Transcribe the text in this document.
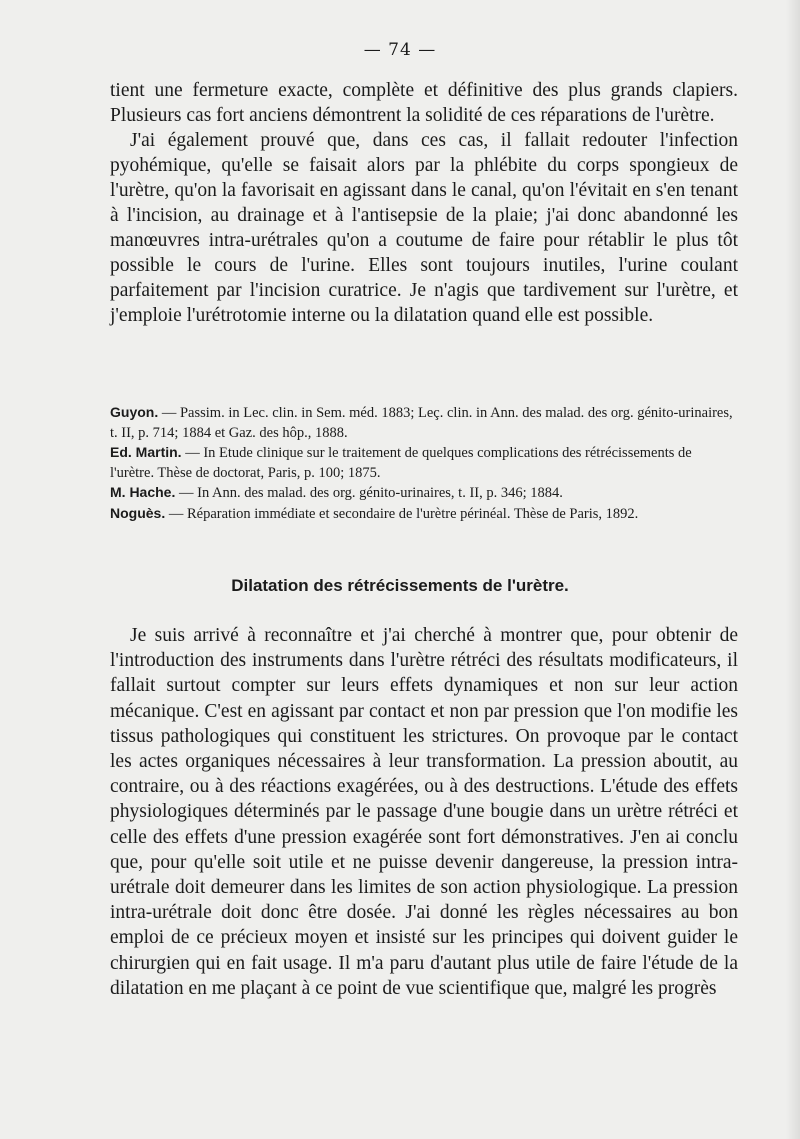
— 74 —

tient une fermeture exacte, complète et définitive des plus grands clapiers. Plusieurs cas fort anciens démontrent la solidité de ces réparations de l'urètre.

J'ai également prouvé que, dans ces cas, il fallait redouter l'infection pyohémique, qu'elle se faisait alors par la phlébite du corps spongieux de l'urètre, qu'on la favorisait en agissant dans le canal, qu'on l'évitait en s'en tenant à l'incision, au drainage et à l'antisepsie de la plaie; j'ai donc abandonné les manœuvres intra-urétrales qu'on a coutume de faire pour rétablir le plus tôt possible le cours de l'urine. Elles sont toujours inutiles, l'urine coulant parfaitement par l'incision curatrice. Je n'agis que tardivement sur l'urètre, et j'emploie l'urétrotomie interne ou la dilatation quand elle est possible.

Guyon. — Passim. in Lec. clin. in Sem. méd. 1883; Leç. clin. in Ann. des malad. des org. génito-urinaires, t. II, p. 714; 1884 et Gaz. des hôp., 1888.

Ed. Martin. — In Etude clinique sur le traitement de quelques complications des rétrécissements de l'urètre. Thèse de doctorat, Paris, p. 100; 1875.

M. Hache. — In Ann. des malad. des org. génito-urinaires, t. II, p. 346; 1884.

Noguès. — Réparation immédiate et secondaire de l'urètre périnéal. Thèse de Paris, 1892.

Dilatation des rétrécissements de l'urètre.

Je suis arrivé à reconnaître et j'ai cherché à montrer que, pour obtenir de l'introduction des instruments dans l'urètre rétréci des résultats modificateurs, il fallait surtout compter sur leurs effets dynamiques et non sur leur action mécanique. C'est en agissant par contact et non par pression que l'on modifie les tissus pathologiques qui constituent les strictures. On provoque par le contact les actes organiques nécessaires à leur transformation. La pression aboutit, au contraire, ou à des réactions exagérées, ou à des destructions. L'étude des effets physiologiques déterminés par le passage d'une bougie dans un urètre rétréci et celle des effets d'une pression exagérée sont fort démonstratives. J'en ai conclu que, pour qu'elle soit utile et ne puisse devenir dangereuse, la pression intra-urétrale doit demeurer dans les limites de son action physiologique. La pression intra-urétrale doit donc être dosée. J'ai donné les règles nécessaires au bon emploi de ce précieux moyen et insisté sur les principes qui doivent guider le chirurgien qui en fait usage. Il m'a paru d'autant plus utile de faire l'étude de la dilatation en me plaçant à ce point de vue scientifique que, malgré les progrès
